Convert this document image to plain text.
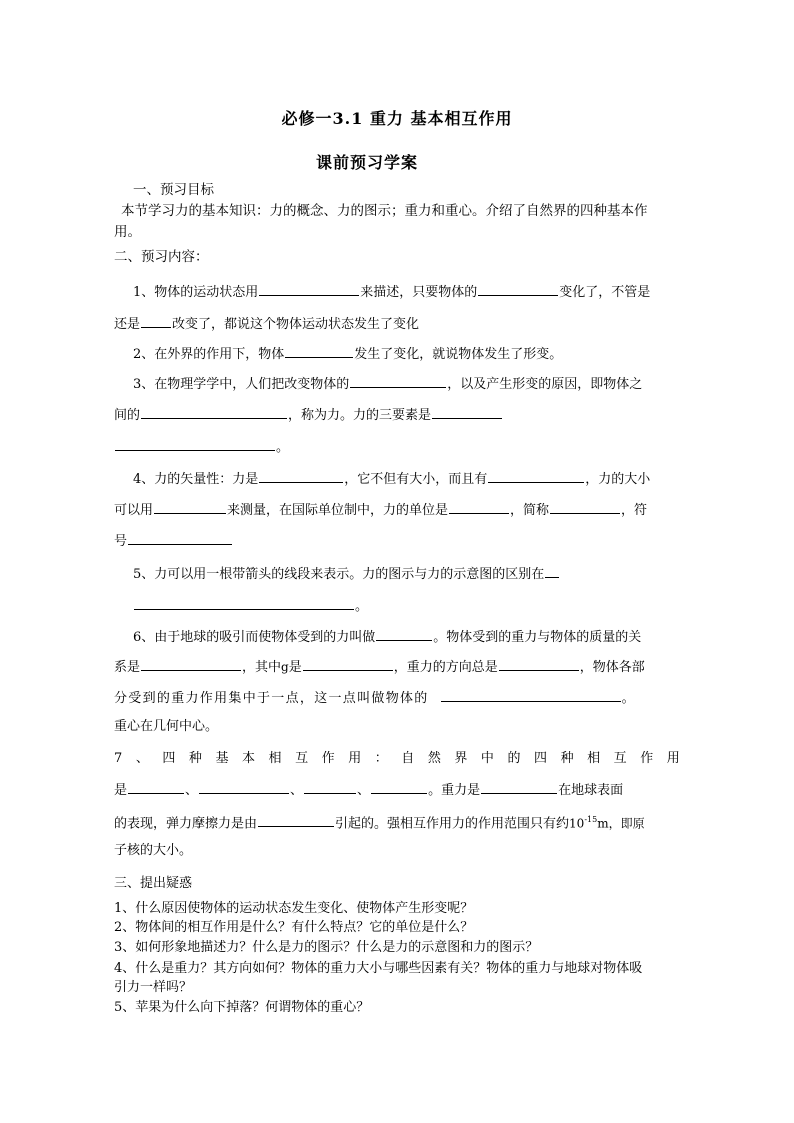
必修一3.1 重力 基本相互作用
课前预习学案
一、预习目标
本节学习力的基本知识：力的概念、力的图示；重力和重心。介绍了自然界的四种基本作
用。
二、预习内容：
1、物体的运动状态用	来描述，只要物体的	变化了，不管是
还是 改变了，都说这个物体运动状态发生了变化
2、在外界的作用下，物体	发生了变化，就说物体发生了形变。
3、在物理学学中，人们把改变物体的	，以及产生形变的原因，即物体之
间的	，称为力。力的三要素是
。
4、力的矢量性：力是	，它不但有大小，而且有	，力的大小
可以用	来测量，在国际单位制中，力的单位是	，简称	，符
号
5、力可以用一根带箭头的线段来表示。力的图示与力的示意图的区别在
。
6、由于地球的吸引而使物体受到的力叫做	。物体受到的重力与物体的质量的关
系是	，其中g是	，重力的方向总是	，物体各部
分受到的重力作用集中于一点，这一点叫做物体的	。
重心在几何中心。
7 、 四 种 基 本 相 互 作 用 ： 自 然 界 中 的 四 种 相 互 作 用
是	、	、	、	。重力是	在地球表面
的表现，弹力摩擦力是由	引起的。强相互作用力的作用范围只有约$10^{-15}m$，即原
子核的大小。
三、提出疑惑
1、什么原因使物体的运动状态发生变化、使物体产生形变呢？
2、物体间的相互作用是什么？有什么特点？它的单位是什么？
3、如何形象地描述力？什么是力的图示？什么是力的示意图和力的图示？
4、什么是重力？其方向如何？物体的重力大小与哪些因素有关？物体的重力与地球对物体吸
引力一样吗？
5、苹果为什么向下掉落？何谓物体的重心？
